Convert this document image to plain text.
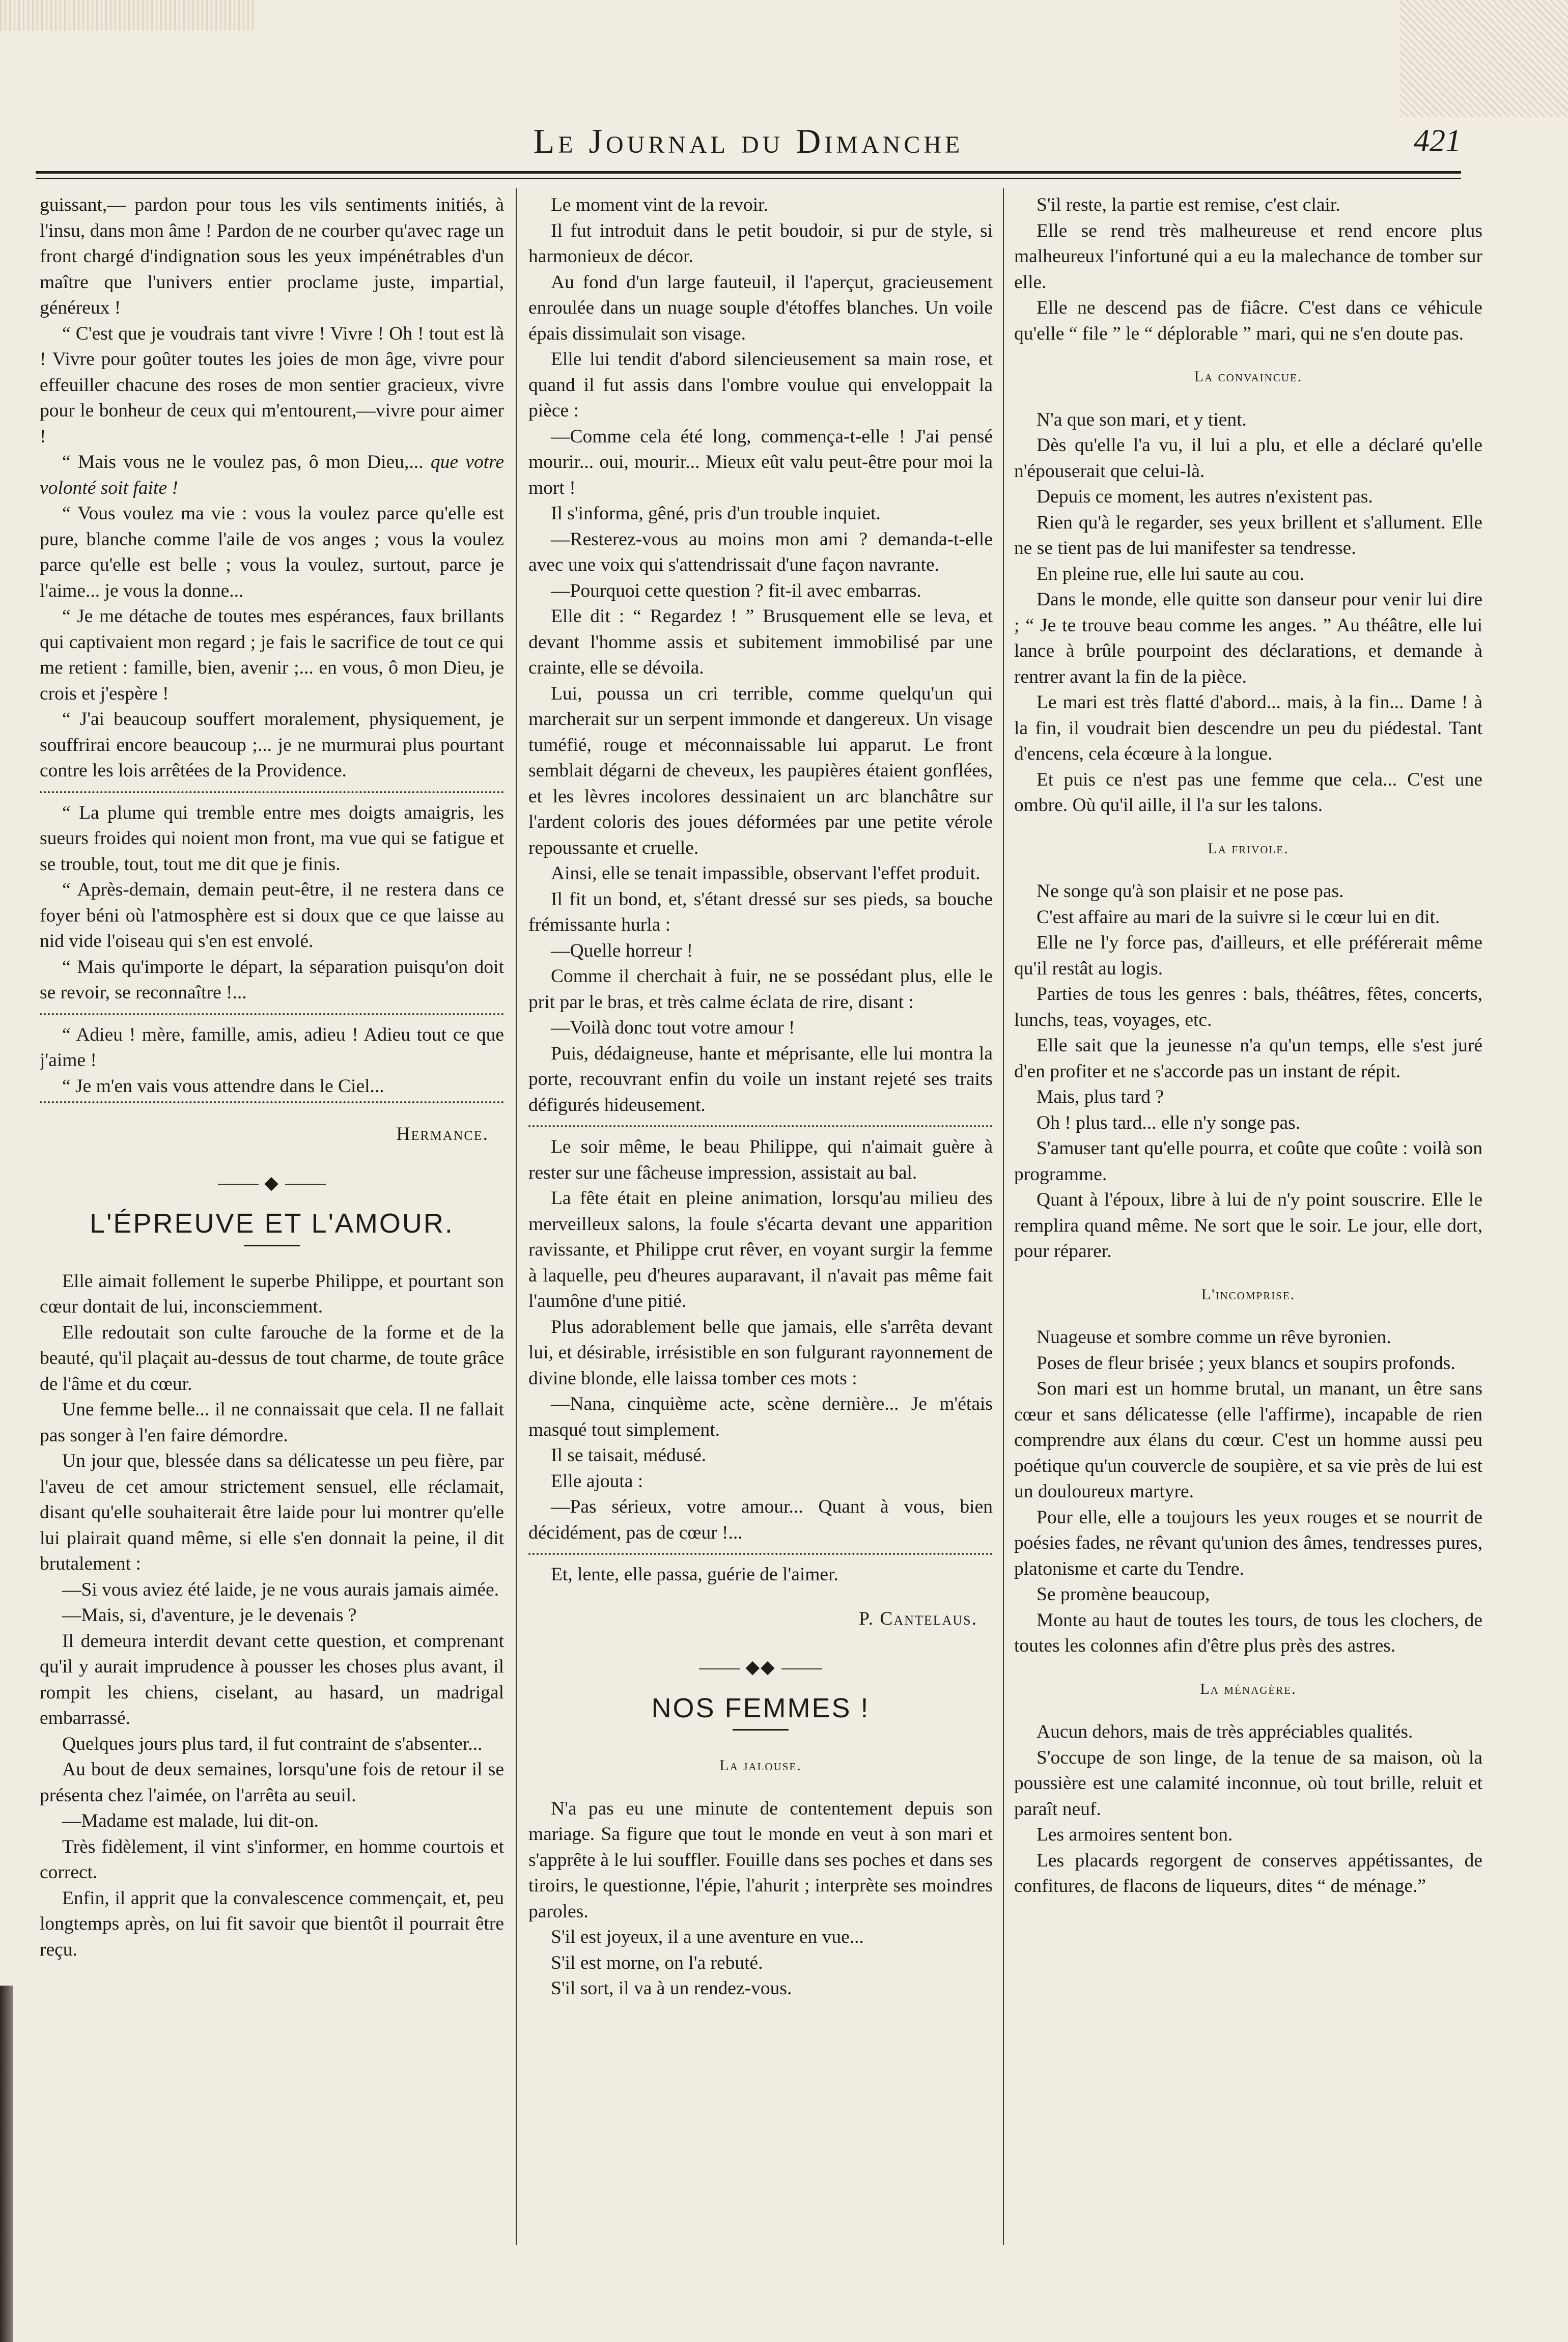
Le Journal du Dimanche	421

guissant,— pardon pour tous les vils sentiments initiés, à l'insu, dans mon âme ! Pardon de ne courber qu'avec rage un front chargé d'indignation sous les yeux impénétrables d'un maître que l'univers entier proclame juste, impartial, généreux !

“ C'est que je voudrais tant vivre ! Vivre ! Oh ! tout est là ! Vivre pour goûter toutes les joies de mon âge, vivre pour effeuiller chacune des roses de mon sentier gracieux, vivre pour le bonheur de ceux qui m'entourent,—vivre pour aimer !

“ Mais vous ne le voulez pas, ô mon Dieu,... que votre volonté soit faite !

“ Vous voulez ma vie : vous la voulez parce qu'elle est pure, blanche comme l'aile de vos anges ; vous la voulez parce qu'elle est belle ; vous la voulez, surtout, parce je l'aime... je vous la donne...

“ Je me détache de toutes mes espérances, faux brillants qui captivaient mon regard ; je fais le sacrifice de tout ce qui me retient : famille, bien, avenir ;... en vous, ô mon Dieu, je crois et j'espère !

“ J'ai beaucoup souffert moralement, physiquement, je souffrirai encore beaucoup ;... je ne murmurai plus pourtant contre les lois arrêtées de la Providence.

“ La plume qui tremble entre mes doigts amaigris, les sueurs froides qui noient mon front, ma vue qui se fatigue et se trouble, tout, tout me dit que je finis.

“ Après-demain, demain peut-être, il ne restera dans ce foyer béni où l'atmosphère est si doux que ce que laisse au nid vide l'oiseau qui s'en est envolé.

“ Mais qu'importe le départ, la séparation puisqu'on doit se revoir, se reconnaître !...

“ Adieu ! mère, famille, amis, adieu ! Adieu tout ce que j'aime !

“ Je m'en vais vous attendre dans le Ciel...

Hermance.
◆
L'ÉPREUVE ET L'AMOUR.

Elle aimait follement le superbe Philippe, et pourtant son cœur dontait de lui, inconsciemment.

Elle redoutait son culte farouche de la forme et de la beauté, qu'il plaçait au-dessus de tout charme, de toute grâce de l'âme et du cœur.

Une femme belle... il ne connaissait que cela. Il ne fallait pas songer à l'en faire démordre.

Un jour que, blessée dans sa délicatesse un peu fière, par l'aveu de cet amour strictement sensuel, elle réclamait, disant qu'elle souhaiterait être laide pour lui montrer qu'elle lui plairait quand même, si elle s'en donnait la peine, il dit brutalement :

—Si vous aviez été laide, je ne vous aurais jamais aimée.

—Mais, si, d'aventure, je le devenais ?

Il demeura interdit devant cette question, et comprenant qu'il y aurait imprudence à pousser les choses plus avant, il rompit les chiens, ciselant, au hasard, un madrigal embarrassé.

Quelques jours plus tard, il fut contraint de s'absenter...

Au bout de deux semaines, lorsqu'une fois de retour il se présenta chez l'aimée, on l'arrêta au seuil.

—Madame est malade, lui dit-on.

Très fidèlement, il vint s'informer, en homme courtois et correct.

Enfin, il apprit que la convalescence commençait, et, peu longtemps après, on lui fit savoir que bientôt il pourrait être reçu.

Le moment vint de la revoir.

Il fut introduit dans le petit boudoir, si pur de style, si harmonieux de décor.

Au fond d'un large fauteuil, il l'aperçut, gracieusement enroulée dans un nuage souple d'étoffes blanches. Un voile épais dissimulait son visage.

Elle lui tendit d'abord silencieusement sa main rose, et quand il fut assis dans l'ombre voulue qui enveloppait la pièce :

—Comme cela été long, commença-t-elle ! J'ai pensé mourir... oui, mourir... Mieux eût valu peut-être pour moi la mort !

Il s'informa, gêné, pris d'un trouble inquiet.

—Resterez-vous au moins mon ami ? demanda-t-elle avec une voix qui s'attendrissait d'une façon navrante.

—Pourquoi cette question ? fit-il avec embarras.

Elle dit : “ Regardez ! ” Brusquement elle se leva, et devant l'homme assis et subitement immobilisé par une crainte, elle se dévoila.

Lui, poussa un cri terrible, comme quelqu'un qui marcherait sur un serpent immonde et dangereux. Un visage tuméfié, rouge et méconnaissable lui apparut. Le front semblait dégarni de cheveux, les paupières étaient gonflées, et les lèvres incolores dessinaient un arc blanchâtre sur l'ardent coloris des joues déformées par une petite vérole repoussante et cruelle.

Ainsi, elle se tenait impassible, observant l'effet produit.

Il fit un bond, et, s'étant dressé sur ses pieds, sa bouche frémissante hurla :

—Quelle horreur !

Comme il cherchait à fuir, ne se possédant plus, elle le prit par le bras, et très calme éclata de rire, disant :

—Voilà donc tout votre amour !

Puis, dédaigneuse, hante et méprisante, elle lui montra la porte, recouvrant enfin du voile un instant rejeté ses traits défigurés hideusement.

Le soir même, le beau Philippe, qui n'aimait guère à rester sur une fâcheuse impression, assistait au bal.

La fête était en pleine animation, lorsqu'au milieu des merveilleux salons, la foule s'écarta devant une apparition ravissante, et Philippe crut rêver, en voyant surgir la femme à laquelle, peu d'heures auparavant, il n'avait pas même fait l'aumône d'une pitié.

Plus adorablement belle que jamais, elle s'arrêta devant lui, et désirable, irrésistible en son fulgurant rayonnement de divine blonde, elle laissa tomber ces mots :

—Nana, cinquième acte, scène dernière... Je m'étais masqué tout simplement.

Il se taisait, médusé.

Elle ajouta :

—Pas sérieux, votre amour... Quant à vous, bien décidément, pas de cœur !...

Et, lente, elle passa, guérie de l'aimer.

P. Cantelaus.
◆◆
NOS FEMMES !
La jalouse.

N'a pas eu une minute de contentement depuis son mariage. Sa figure que tout le monde en veut à son mari et s'apprête à le lui souffler. Fouille dans ses poches et dans ses tiroirs, le questionne, l'épie, l'ahurit ; interprète ses moindres paroles.

S'il est joyeux, il a une aventure en vue...

S'il est morne, on l'a rebuté.

S'il sort, il va à un rendez-vous.

S'il reste, la partie est remise, c'est clair.

Elle se rend très malheureuse et rend encore plus malheureux l'infortuné qui a eu la malechance de tomber sur elle.

Elle ne descend pas de fiâcre. C'est dans ce véhicule qu'elle “ file ” le “ déplorable ” mari, qui ne s'en doute pas.

La convaincue.

N'a que son mari, et y tient.

Dès qu'elle l'a vu, il lui a plu, et elle a déclaré qu'elle n'épouserait que celui-là.

Depuis ce moment, les autres n'existent pas.

Rien qu'à le regarder, ses yeux brillent et s'allument. Elle ne se tient pas de lui manifester sa tendresse.

En pleine rue, elle lui saute au cou.

Dans le monde, elle quitte son danseur pour venir lui dire ; “ Je te trouve beau comme les anges. ” Au théâtre, elle lui lance à brûle pourpoint des déclarations, et demande à rentrer avant la fin de la pièce.

Le mari est très flatté d'abord... mais, à la fin... Dame ! à la fin, il voudrait bien descendre un peu du piédestal. Tant d'encens, cela écœure à la longue.

Et puis ce n'est pas une femme que cela... C'est une ombre. Où qu'il aille, il l'a sur les talons.

La frivole.

Ne songe qu'à son plaisir et ne pose pas.

C'est affaire au mari de la suivre si le cœur lui en dit.

Elle ne l'y force pas, d'ailleurs, et elle préférerait même qu'il restât au logis.

Parties de tous les genres : bals, théâtres, fêtes, concerts, lunchs, teas, voyages, etc.

Elle sait que la jeunesse n'a qu'un temps, elle s'est juré d'en profiter et ne s'accorde pas un instant de répit.

Mais, plus tard ?

Oh ! plus tard... elle n'y songe pas.

S'amuser tant qu'elle pourra, et coûte que coûte : voilà son programme.

Quant à l'époux, libre à lui de n'y point souscrire. Elle le remplira quand même. Ne sort que le soir. Le jour, elle dort, pour réparer.

L'incomprise.

Nuageuse et sombre comme un rêve byronien.

Poses de fleur brisée ; yeux blancs et soupirs profonds.

Son mari est un homme brutal, un manant, un être sans cœur et sans délicatesse (elle l'affirme), incapable de rien comprendre aux élans du cœur. C'est un homme aussi peu poétique qu'un couvercle de soupière, et sa vie près de lui est un douloureux martyre.

Pour elle, elle a toujours les yeux rouges et se nourrit de poésies fades, ne rêvant qu'union des âmes, tendresses pures, platonisme et carte du Tendre.

Se promène beaucoup,

Monte au haut de toutes les tours, de tous les clochers, de toutes les colonnes afin d'être plus près des astres.

La ménagère.

Aucun dehors, mais de très appréciables qualités.

S'occupe de son linge, de la tenue de sa maison, où la poussière est une calamité inconnue, où tout brille, reluit et paraît neuf.

Les armoires sentent bon.

Les placards regorgent de conserves appétissantes, de confitures, de flacons de liqueurs, dites “ de ménage.”
